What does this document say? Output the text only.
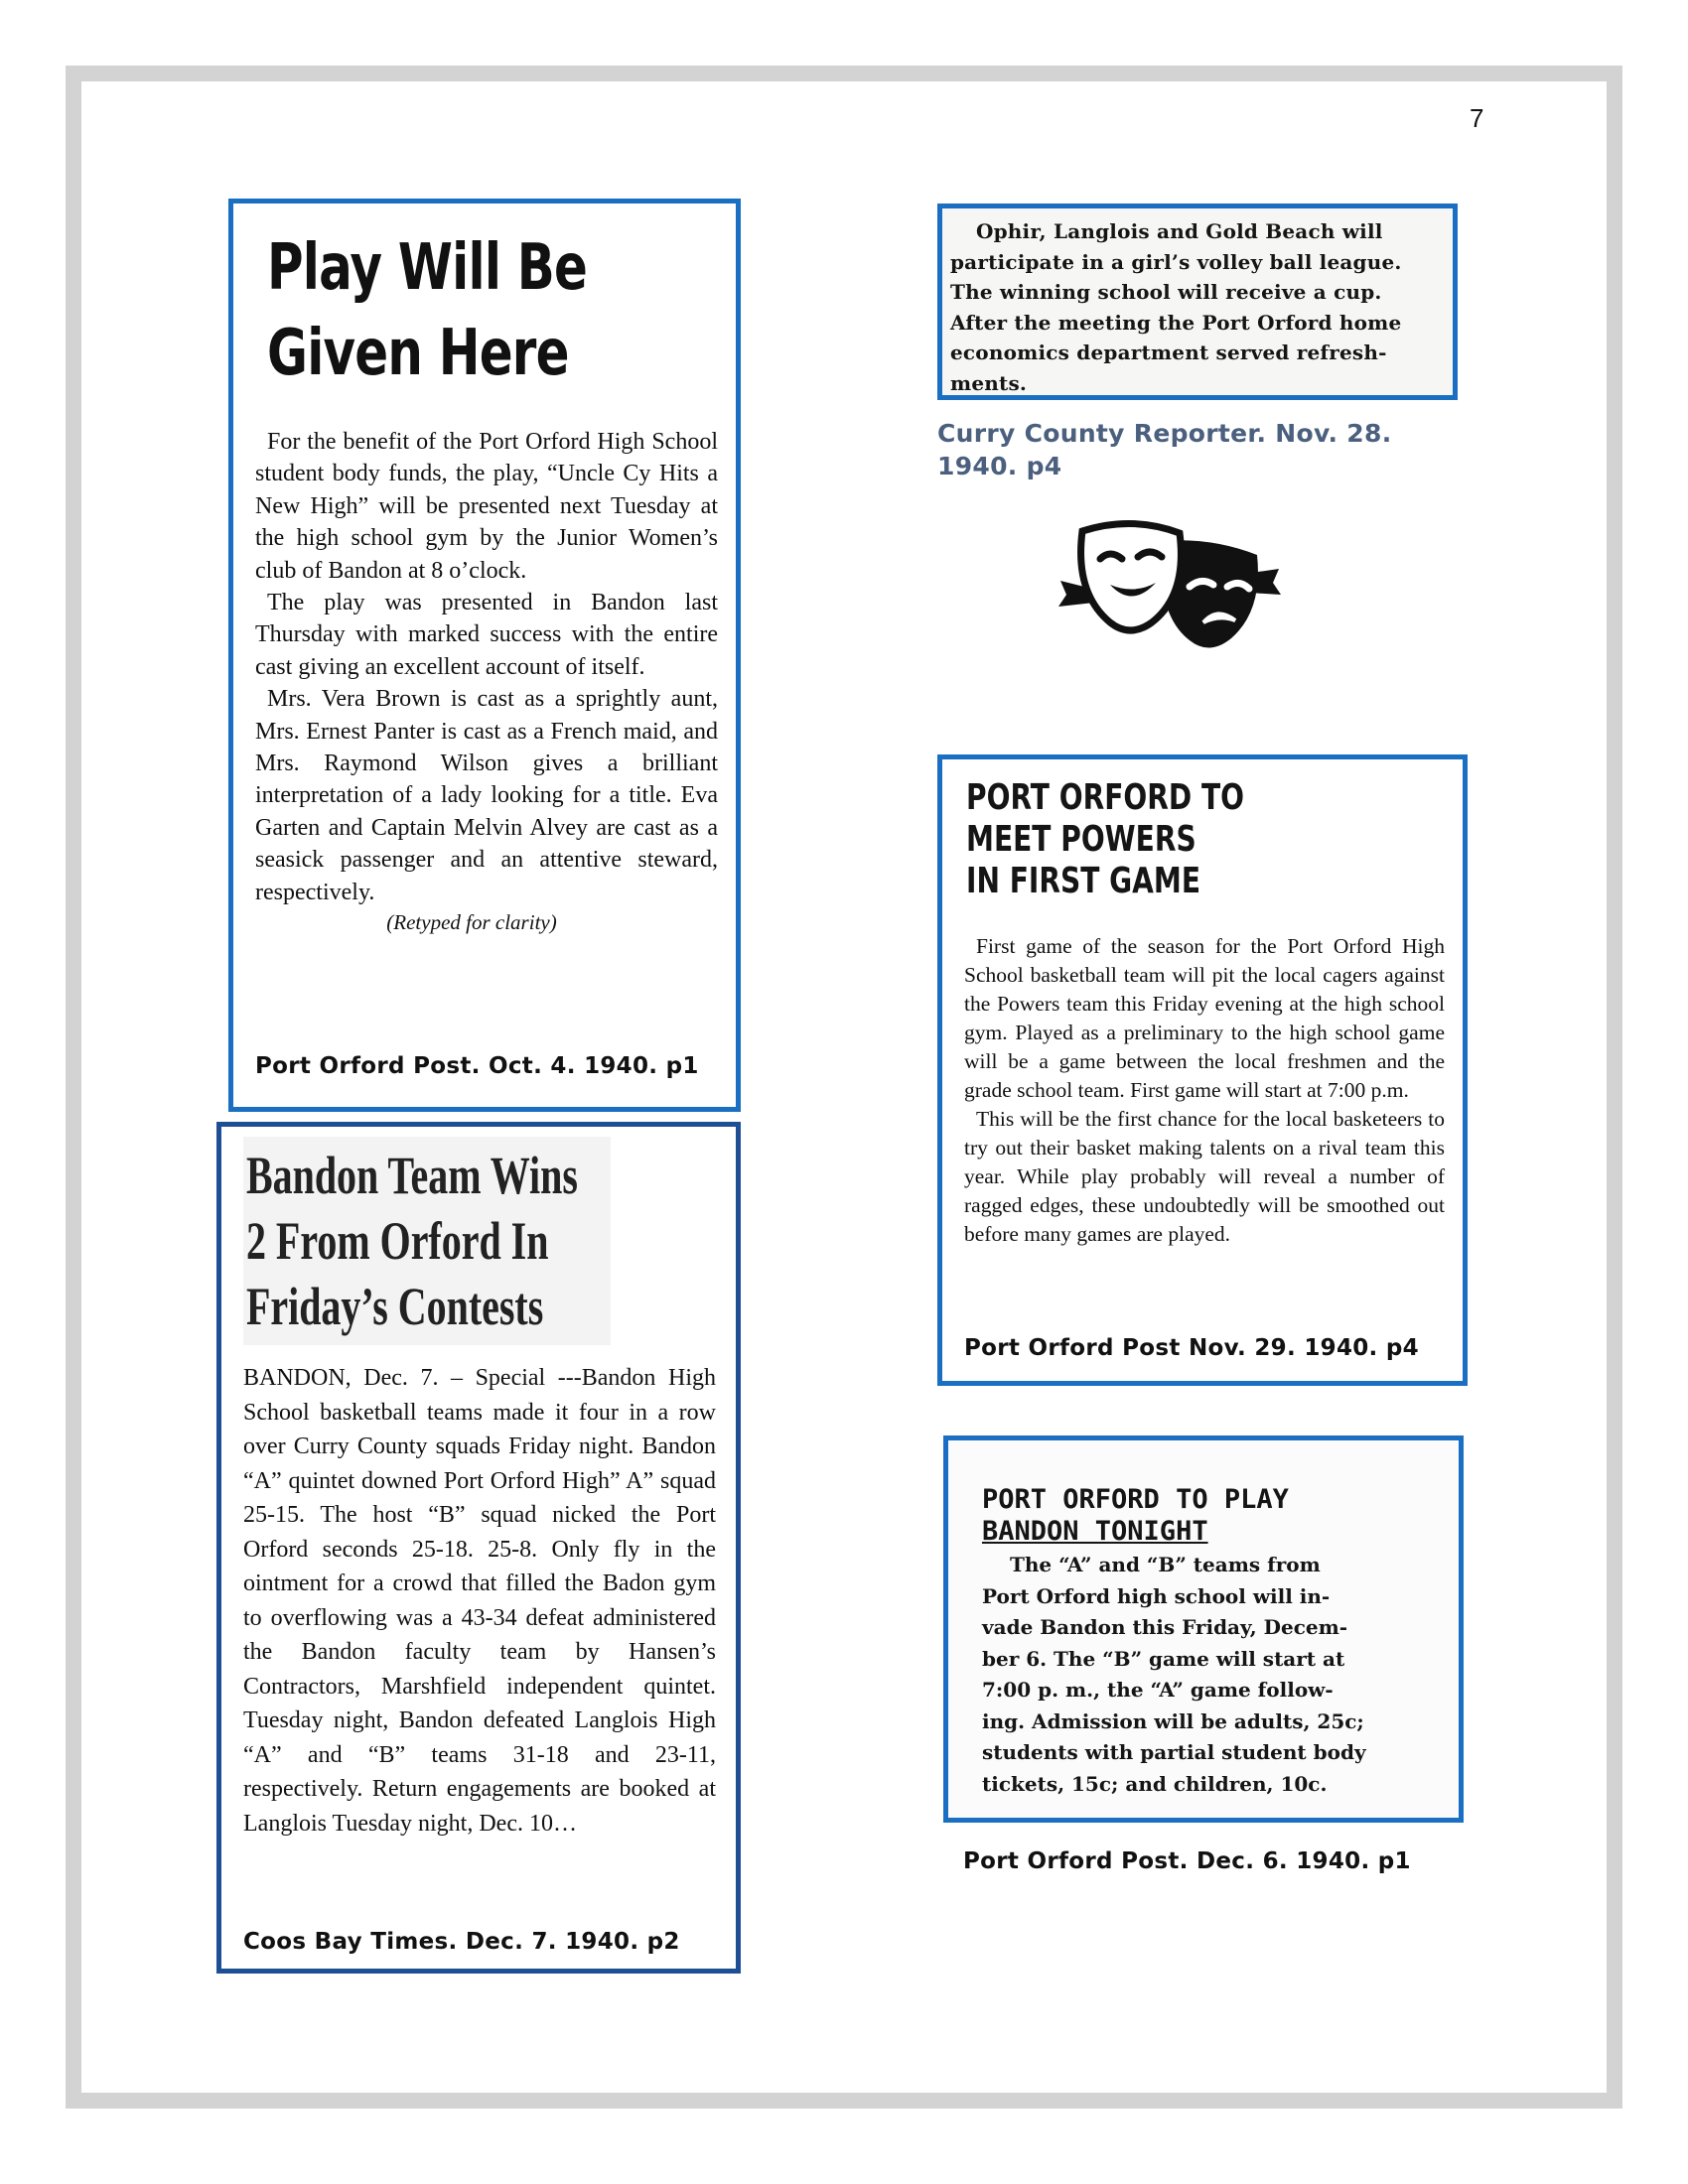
7
Play Will Be
Given Here

For the benefit of the Port Orford High School student body funds, the play, “Uncle Cy Hits a New High” will be presented next Tuesday at the high school gym by the Junior Women’s club of Bandon at 8 o’clock.

The play was presented in Bandon last Thursday with marked success with the entire cast giving an excellent account of itself.

Mrs. Vera Brown is cast as a sprightly aunt, Mrs. Ernest Panter is cast as a French maid, and Mrs. Raymond Wilson gives a brilliant interpretation of a lady looking for a title. Eva Garten and Captain Melvin Alvey are cast as a seasick passenger and an attentive steward, respectively.

(Retyped for clarity)
Port Orford Post. Oct. 4. 1940. p1
Ophir, Langlois and Gold Beach will
participate in a girl’s volley ball league.
The winning school will receive a cup.
After the meeting the Port Orford home
economics department served refresh-
ments.
Curry County Reporter. Nov. 28. 1940. p4
Bandon Team Wins
2 From Orford In
Friday’s Contests
BANDON, Dec. 7. – Special ---Bandon High School basketball teams made it four in a row over Curry County squads Friday night. Bandon “A” quintet downed Port Orford High” A” squad 25-15. The host “B” squad nicked the Port Orford seconds 25-18. 25-8. Only fly in the ointment for a crowd that filled the Badon gym to overflowing was a 43-34 defeat administered the Bandon faculty team by Hansen’s Contractors, Marshfield independent quintet. Tuesday night, Bandon defeated Langlois High “A” and “B” teams 31-18 and 23-11, respectively. Return engagements are booked at Langlois Tuesday night, Dec. 10…
Coos Bay Times. Dec. 7. 1940. p2
PORT ORFORD TO
MEET POWERS
IN FIRST GAME

First game of the season for the Port Orford High School basketball team will pit the local cagers against the Powers team this Friday evening at the high school gym. Played as a preliminary to the high school game will be a game between the local freshmen and the grade school team. First game will start at 7:00 p.m.

This will be the first chance for the local basketeers to try out their basket making talents on a rival team this year. While play probably will reveal a number of ragged edges, these undoubtedly will be smoothed out before many games are played.

Port Orford Post Nov. 29. 1940. p4
PORT ORFORD TO PLAY
BANDON TONIGHT
The “A” and “B” teams from
Port Orford high school will in-
vade Bandon this Friday, Decem-
ber 6. The “B” game will start at
7:00 p. m., the “A” game follow-
ing. Admission will be adults, 25c;
students with partial student body
tickets, 15c; and children, 10c.
Port Orford Post. Dec. 6. 1940. p1
